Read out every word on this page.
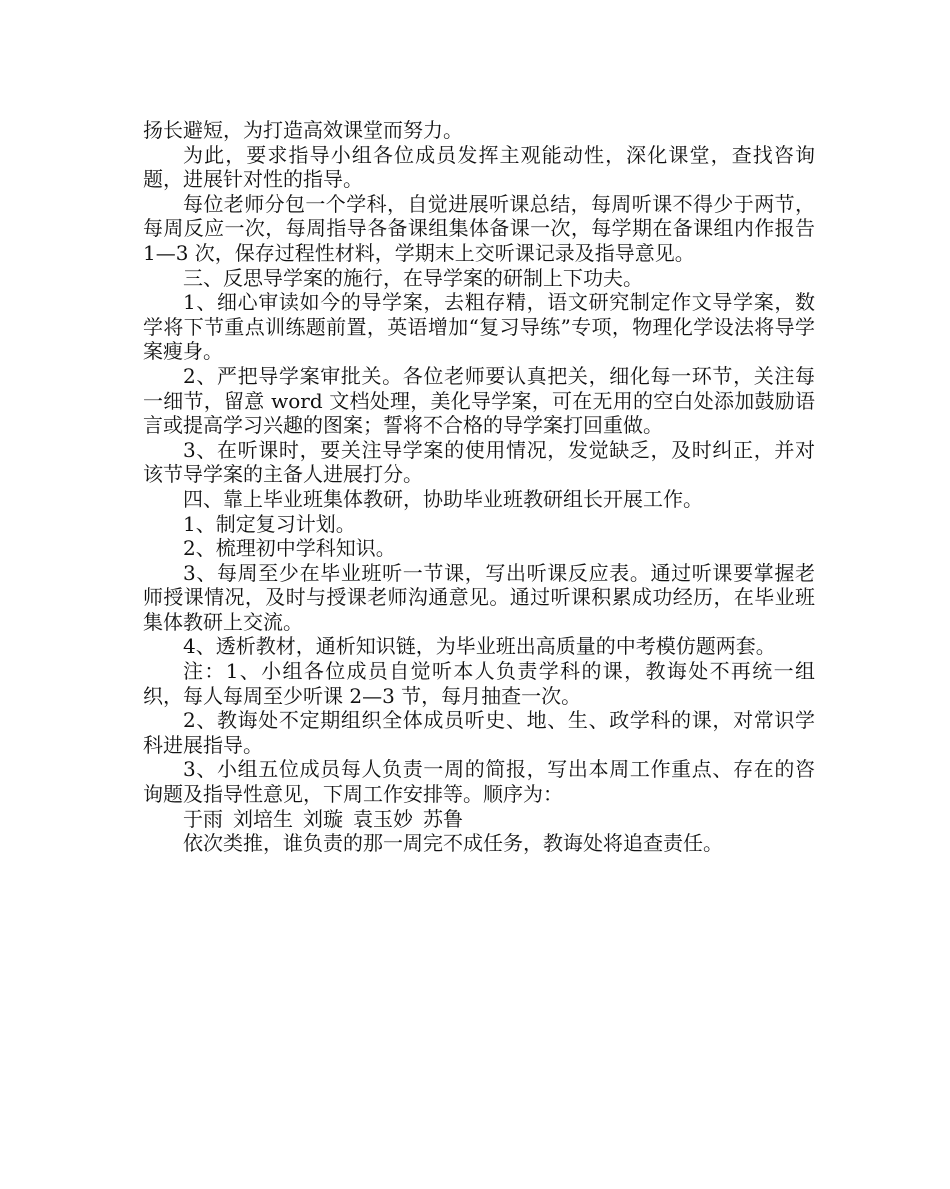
扬长避短，为打造高效课堂而努力。

为此，要求指导小组各位成员发挥主观能动性，深化课堂，查找咨询题，进展针对性的指导。

每位老师分包一个学科，自觉进展听课总结，每周听课不得少于两节，每周反应一次，每周指导各备课组集体备课一次，每学期在备课组内作报告 1—3 次，保存过程性材料，学期末上交听课记录及指导意见。

三、反思导学案的施行，在导学案的研制上下功夫。

1、细心审读如今的导学案，去粗存精，语文研究制定作文导学案，数学将下节重点训练题前置，英语增加“复习导练”专项，物理化学设法将导学案瘦身。

2、严把导学案审批关。各位老师要认真把关，细化每一环节，关注每一细节，留意 word 文档处理，美化导学案，可在无用的空白处添加鼓励语言或提高学习兴趣的图案；誓将不合格的导学案打回重做。

3、在听课时，要关注导学案的使用情况，发觉缺乏，及时纠正，并对该节导学案的主备人进展打分。

四、靠上毕业班集体教研，协助毕业班教研组长开展工作。

1、制定复习计划。

2、梳理初中学科知识。

3、每周至少在毕业班听一节课，写出听课反应表。通过听课要掌握老师授课情况，及时与授课老师沟通意见。通过听课积累成功经历，在毕业班集体教研上交流。

4、透析教材，通析知识链，为毕业班出高质量的中考模仿题两套。

注：1、小组各位成员自觉听本人负责学科的课，教诲处不再统一组织，每人每周至少听课 2—3 节，每月抽查一次。

2、教诲处不定期组织全体成员听史、地、生、政学科的课，对常识学科进展指导。

3、小组五位成员每人负责一周的简报，写出本周工作重点、存在的咨询题及指导性意见，下周工作安排等。顺序为：

于雨 刘培生 刘璇 袁玉妙 苏鲁

依次类推，谁负责的那一周完不成任务，教诲处将追查责任。
